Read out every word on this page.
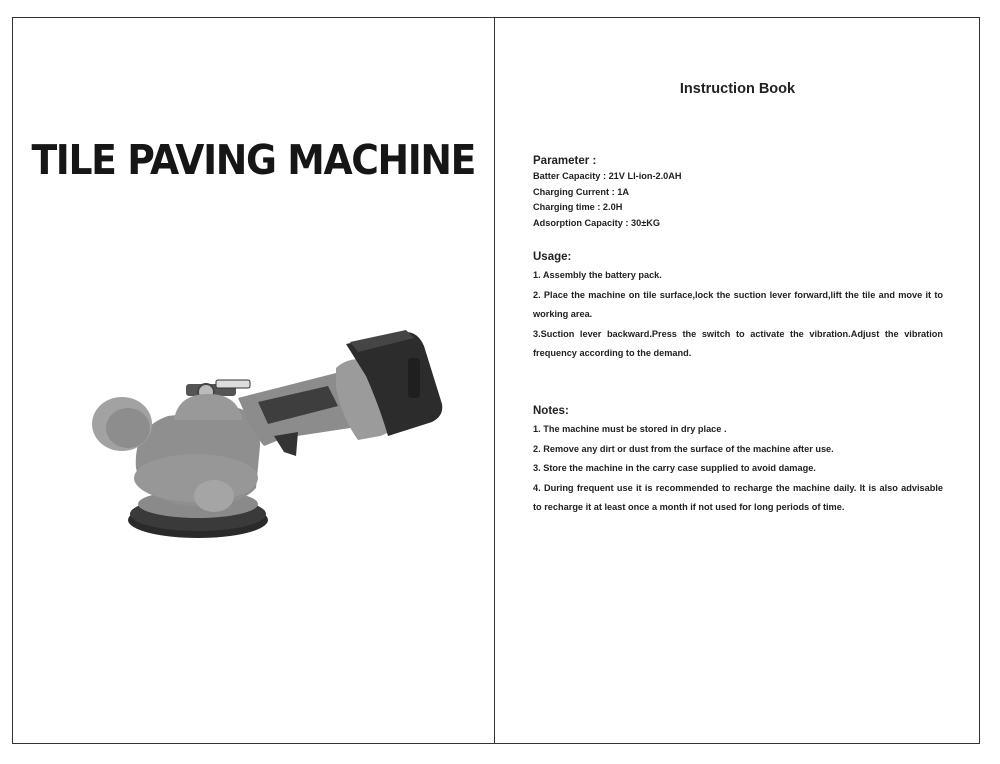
TILE PAVING MACHINE
Instruction Book

Parameter :

Batter Capacity : 21V LI-ion-2.0AH

Charging Current : 1A

Charging time : 2.0H

Adsorption Capacity : 30±KG

Usage:

1. Assembly the battery pack.

2. Place the machine on tile surface,lock the suction lever forward,lift the tile and move it to working area.

3.Suction lever backward.Press the switch to activate the vibration.Adjust the vibration frequency according to the demand.

Notes:

1. The machine must be stored in dry place .

2. Remove any dirt or dust from the surface of the machine after use.

3. Store the machine in the carry case supplied to avoid damage.

4. During frequent use it is recommended to recharge the machine daily. It is also advisable to recharge it at least once a month if not used for long periods of time.
